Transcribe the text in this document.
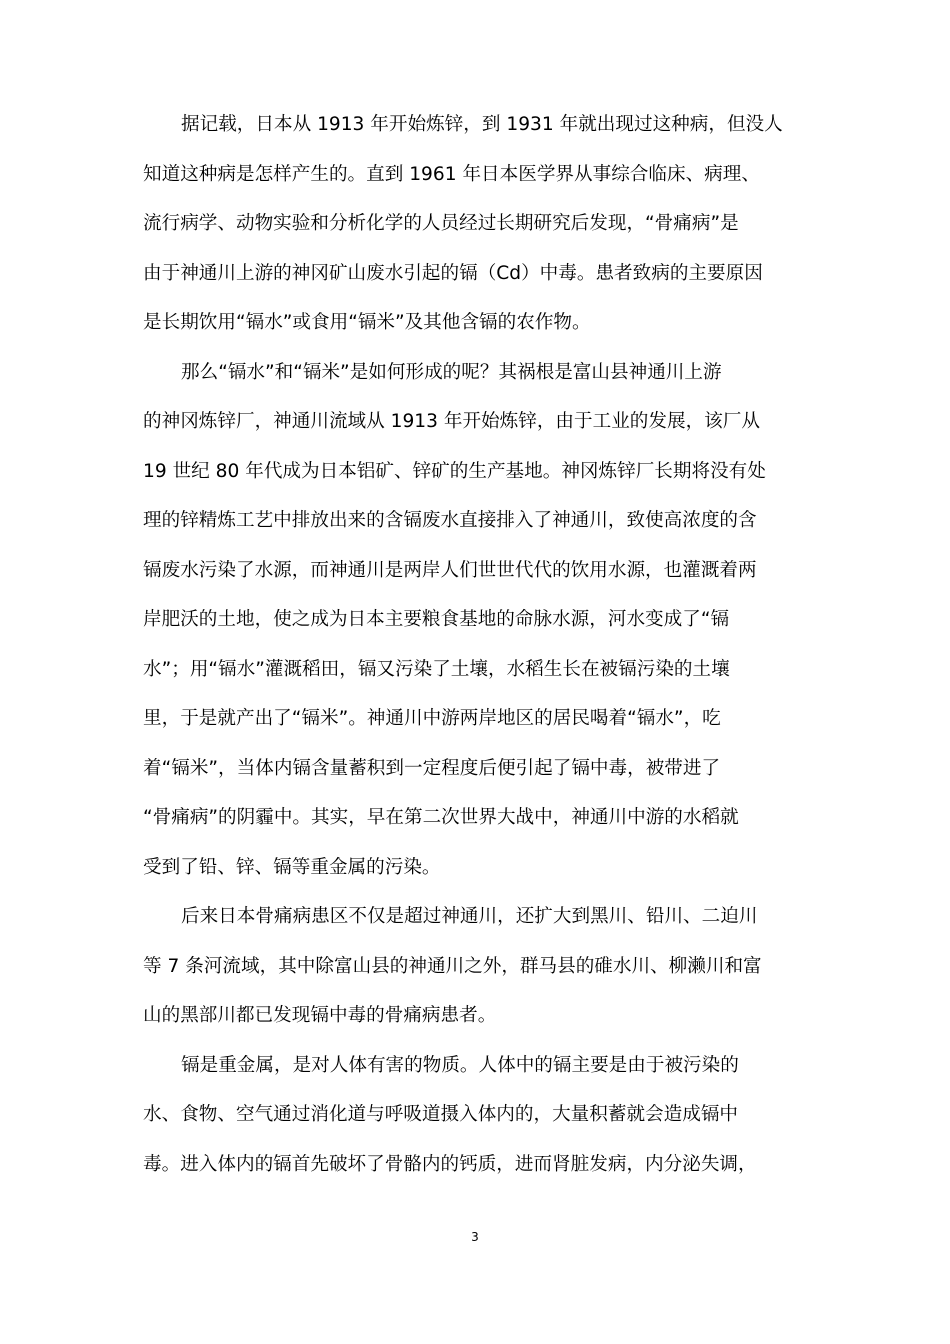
据记载，日本从 1913 年开始炼锌，到 1931 年就出现过这种病，但没人
知道这种病是怎样产生的。直到 1961 年日本医学界从事综合临床、病理、
流行病学、动物实验和分析化学的人员经过长期研究后发现，“骨痛病”是
由于神通川上游的神冈矿山废水引起的镉（Cd）中毒。患者致病的主要原因
是长期饮用“镉水”或食用“镉米”及其他含镉的农作物。
那么“镉水”和“镉米”是如何形成的呢？其祸根是富山县神通川上游
的神冈炼锌厂，神通川流域从 1913 年开始炼锌，由于工业的发展，该厂从
19 世纪 80 年代成为日本铝矿、锌矿的生产基地。神冈炼锌厂长期将没有处
理的锌精炼工艺中排放出来的含镉废水直接排入了神通川，致使高浓度的含
镉废水污染了水源，而神通川是两岸人们世世代代的饮用水源，也灌溉着两
岸肥沃的土地，使之成为日本主要粮食基地的命脉水源，河水变成了“镉
水”；用“镉水”灌溉稻田，镉又污染了土壤，水稻生长在被镉污染的土壤
里，于是就产出了“镉米”。神通川中游两岸地区的居民喝着“镉水”，吃
着“镉米”，当体内镉含量蓄积到一定程度后便引起了镉中毒，被带进了
“骨痛病”的阴霾中。其实，早在第二次世界大战中，神通川中游的水稻就
受到了铅、锌、镉等重金属的污染。
后来日本骨痛病患区不仅是超过神通川，还扩大到黑川、铅川、二迫川
等 7 条河流域，其中除富山县的神通川之外，群马县的碓水川、柳濑川和富
山的黑部川都已发现镉中毒的骨痛病患者。
镉是重金属，是对人体有害的物质。人体中的镉主要是由于被污染的
水、食物、空气通过消化道与呼吸道摄入体内的，大量积蓄就会造成镉中
毒。进入体内的镉首先破坏了骨骼内的钙质，进而肾脏发病，内分泌失调，
3
